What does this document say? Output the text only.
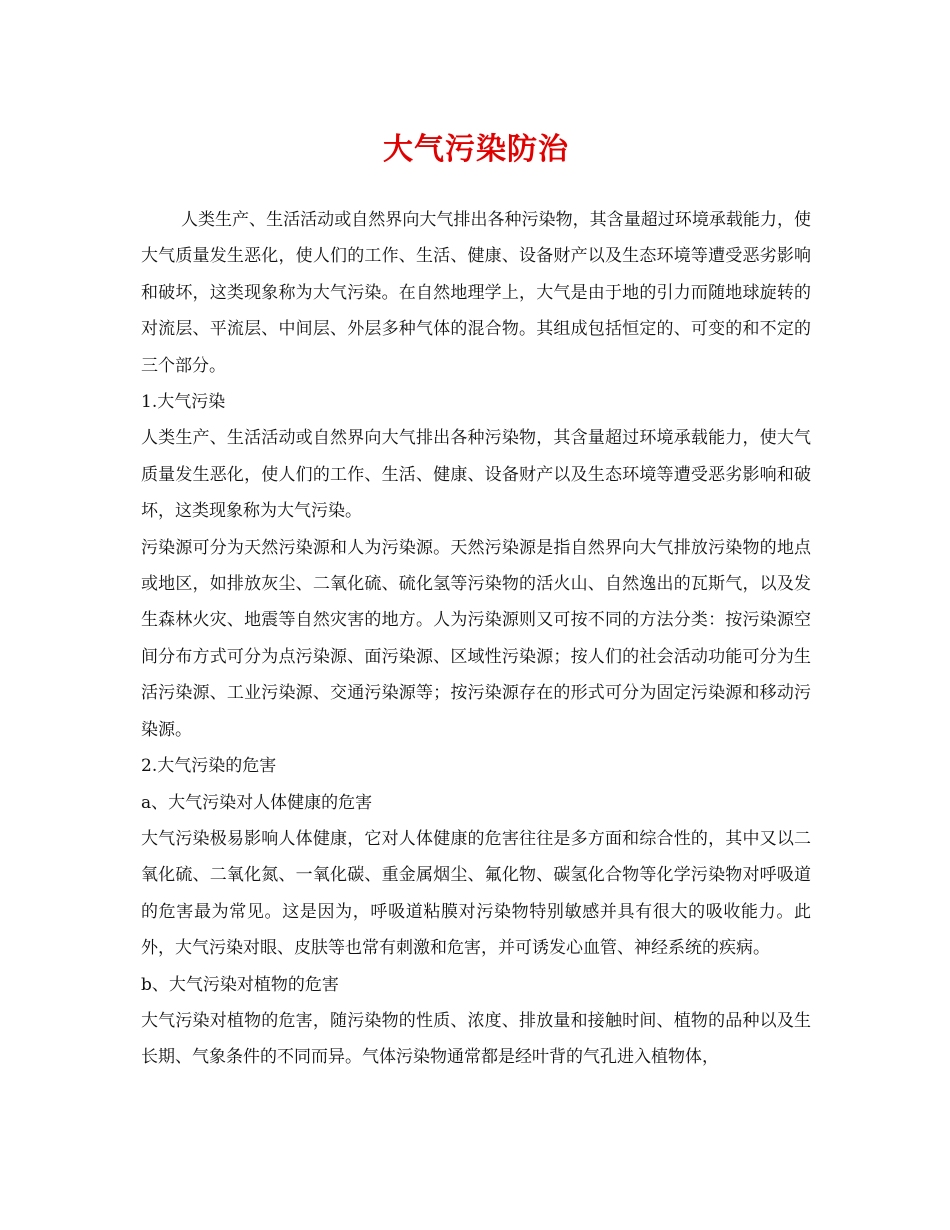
大气污染防治

人类生产、生活活动或自然界向大气排出各种污染物，其含量超过环境承载能力，使大气质量发生恶化，使人们的工作、生活、健康、设备财产以及生态环境等遭受恶劣影响和破坏，这类现象称为大气污染。在自然地理学上，大气是由于地的引力而随地球旋转的对流层、平流层、中间层、外层多种气体的混合物。其组成包括恒定的、可变的和不定的三个部分。

1.大气污染

人类生产、生活活动或自然界向大气排出各种污染物，其含量超过环境承载能力，使大气质量发生恶化，使人们的工作、生活、健康、设备财产以及生态环境等遭受恶劣影响和破坏，这类现象称为大气污染。

污染源可分为天然污染源和人为污染源。天然污染源是指自然界向大气排放污染物的地点或地区，如排放灰尘、二氧化硫、硫化氢等污染物的活火山、自然逸出的瓦斯气，以及发生森林火灾、地震等自然灾害的地方。人为污染源则又可按不同的方法分类：按污染源空间分布方式可分为点污染源、面污染源、区域性污染源；按人们的社会活动功能可分为生活污染源、工业污染源、交通污染源等；按污染源存在的形式可分为固定污染源和移动污染源。

2.大气污染的危害

a、大气污染对人体健康的危害

大气污染极易影响人体健康，它对人体健康的危害往往是多方面和综合性的，其中又以二氧化硫、二氧化氮、一氧化碳、重金属烟尘、氟化物、碳氢化合物等化学污染物对呼吸道的危害最为常见。这是因为，呼吸道粘膜对污染物特别敏感并具有很大的吸收能力。此外，大气污染对眼、皮肤等也常有刺激和危害，并可诱发心血管、神经系统的疾病。

b、大气污染对植物的危害

大气污染对植物的危害，随污染物的性质、浓度、排放量和接触时间、植物的品种以及生长期、气象条件的不同而异。气体污染物通常都是经叶背的气孔进入植物体，
